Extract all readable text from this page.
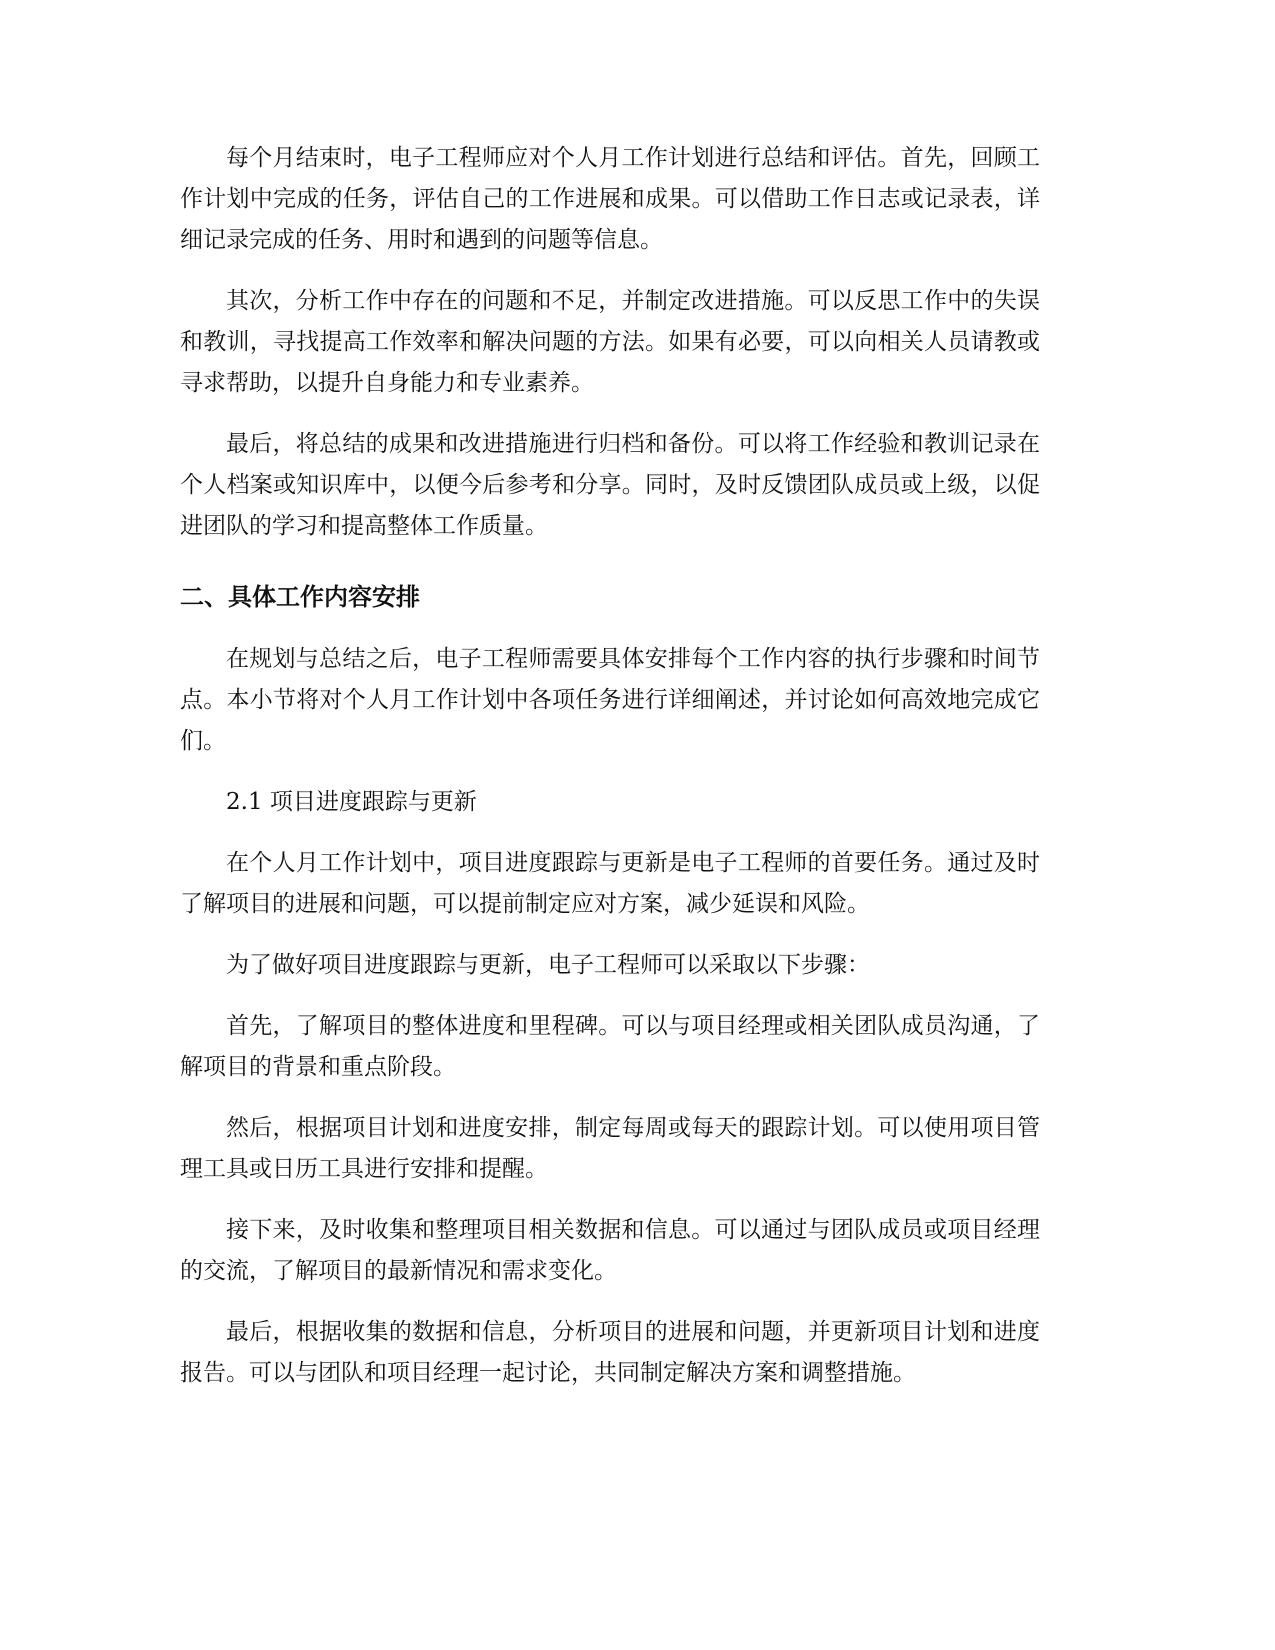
每个月结束时，电子工程师应对个人月工作计划进行总结和评估。首先，回顾工作计划中完成的任务，评估自己的工作进展和成果。可以借助工作日志或记录表，详细记录完成的任务、用时和遇到的问题等信息。

其次，分析工作中存在的问题和不足，并制定改进措施。可以反思工作中的失误和教训，寻找提高工作效率和解决问题的方法。如果有必要，可以向相关人员请教或寻求帮助，以提升自身能力和专业素养。

最后，将总结的成果和改进措施进行归档和备份。可以将工作经验和教训记录在个人档案或知识库中，以便今后参考和分享。同时，及时反馈团队成员或上级，以促进团队的学习和提高整体工作质量。

二、具体工作内容安排

在规划与总结之后，电子工程师需要具体安排每个工作内容的执行步骤和时间节点。本小节将对个人月工作计划中各项任务进行详细阐述，并讨论如何高效地完成它们。

2.1 项目进度跟踪与更新

在个人月工作计划中，项目进度跟踪与更新是电子工程师的首要任务。通过及时了解项目的进展和问题，可以提前制定应对方案，减少延误和风险。

为了做好项目进度跟踪与更新，电子工程师可以采取以下步骤：

首先，了解项目的整体进度和里程碑。可以与项目经理或相关团队成员沟通，了解项目的背景和重点阶段。

然后，根据项目计划和进度安排，制定每周或每天的跟踪计划。可以使用项目管理工具或日历工具进行安排和提醒。

接下来，及时收集和整理项目相关数据和信息。可以通过与团队成员或项目经理的交流，了解项目的最新情况和需求变化。

最后，根据收集的数据和信息，分析项目的进展和问题，并更新项目计划和进度报告。可以与团队和项目经理一起讨论，共同制定解决方案和调整措施。
